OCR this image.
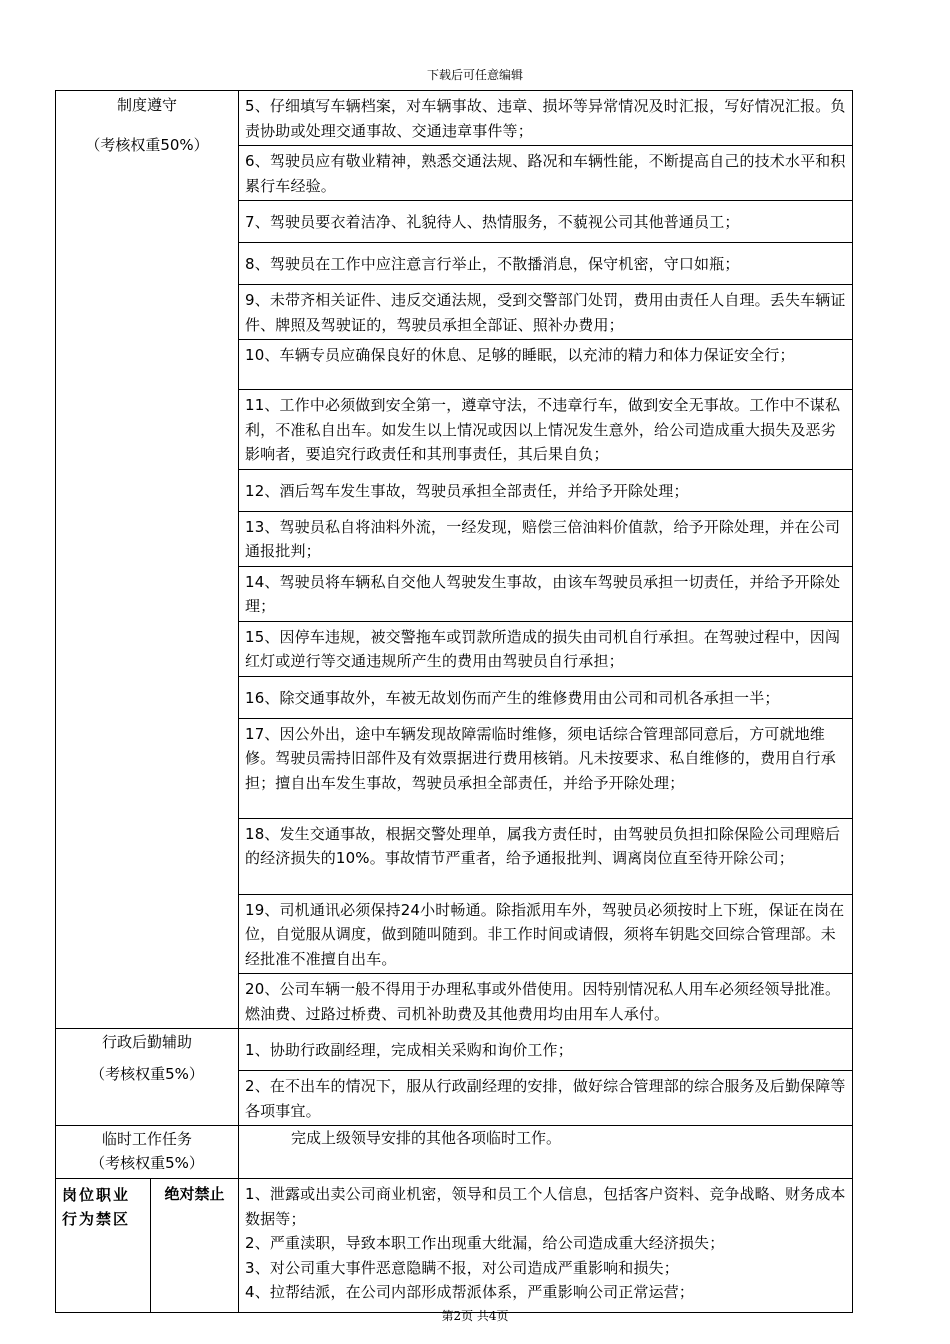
下载后可任意编辑
制度遵守
（考核权重50%）		5、仔细填写车辆档案，对车辆事故、违章、损坏等异常情况及时汇报，写好情况汇报。负责协助或处理交通事故、交通违章事件等；
		6、驾驶员应有敬业精神，熟悉交通法规、路况和车辆性能，不断提高自己的技术水平和积累行车经验。
		7、驾驶员要衣着洁净、礼貌待人、热情服务，不藐视公司其他普通员工；
		8、驾驶员在工作中应注意言行举止，不散播消息，保守机密，守口如瓶；
		9、未带齐相关证件、违反交通法规，受到交警部门处罚，费用由责任人自理。丢失车辆证件、牌照及驾驶证的，驾驶员承担全部证、照补办费用；
		10、车辆专员应确保良好的休息、足够的睡眠，以充沛的精力和体力保证安全行；
		11、工作中必须做到安全第一，遵章守法，不违章行车，做到安全无事故。工作中不谋私利，不准私自出车。如发生以上情况或因以上情况发生意外，给公司造成重大损失及恶劣影响者，要追究行政责任和其刑事责任，其后果自负；
		12、酒后驾车发生事故，驾驶员承担全部责任，并给予开除处理；
		13、驾驶员私自将油料外流，一经发现，赔偿三倍油料价值款，给予开除处理，并在公司通报批判；
		14、驾驶员将车辆私自交他人驾驶发生事故，由该车驾驶员承担一切责任，并给予开除处理；
		15、因停车违规，被交警拖车或罚款所造成的损失由司机自行承担。在驾驶过程中，因闯红灯或逆行等交通违规所产生的费用由驾驶员自行承担；
		16、除交通事故外，车被无故划伤而产生的维修费用由公司和司机各承担一半；
		17、因公外出，途中车辆发现故障需临时维修，须电话综合管理部同意后，方可就地维修。驾驶员需持旧部件及有效票据进行费用核销。凡未按要求、私自维修的，费用自行承担；擅自出车发生事故，驾驶员承担全部责任，并给予开除处理；
		18、发生交通事故，根据交警处理单，属我方责任时，由驾驶员负担扣除保险公司理赔后的经济损失的10%。事故情节严重者，给予通报批判、调离岗位直至待开除公司；
		19、司机通讯必须保持24小时畅通。除指派用车外，驾驶员必须按时上下班，保证在岗在位，自觉服从调度，做到随叫随到。非工作时间或请假，须将车钥匙交回综合管理部。未经批准不准擅自出车。
		20、公司车辆一般不得用于办理私事或外借使用。因特别情况私人用车必须经领导批准。燃油费、过路过桥费、司机补助费及其他费用均由用车人承付。

行政后勤辅助
（考核权重5%）		1、协助行政副经理，完成相关采购和询价工作；
		2、在不出车的情况下，服从行政副经理的安排，做好综合管理部的综合服务及后勤保障等各项事宜。

临时工作任务
（考核权重5%）		完成上级领导安排的其他各项临时工作。
岗位职业行为禁区	绝对禁止	1、泄露或出卖公司商业机密，领导和员工个人信息，包括客户资料、竞争战略、财务成本数据等；
2、严重渎职，导致本职工作出现重大纰漏，给公司造成重大经济损失；
3、对公司重大事件恶意隐瞒不报，对公司造成严重影响和损失；
4、拉帮结派，在公司内部形成帮派体系，严重影响公司正常运营；
第2页 共4页
